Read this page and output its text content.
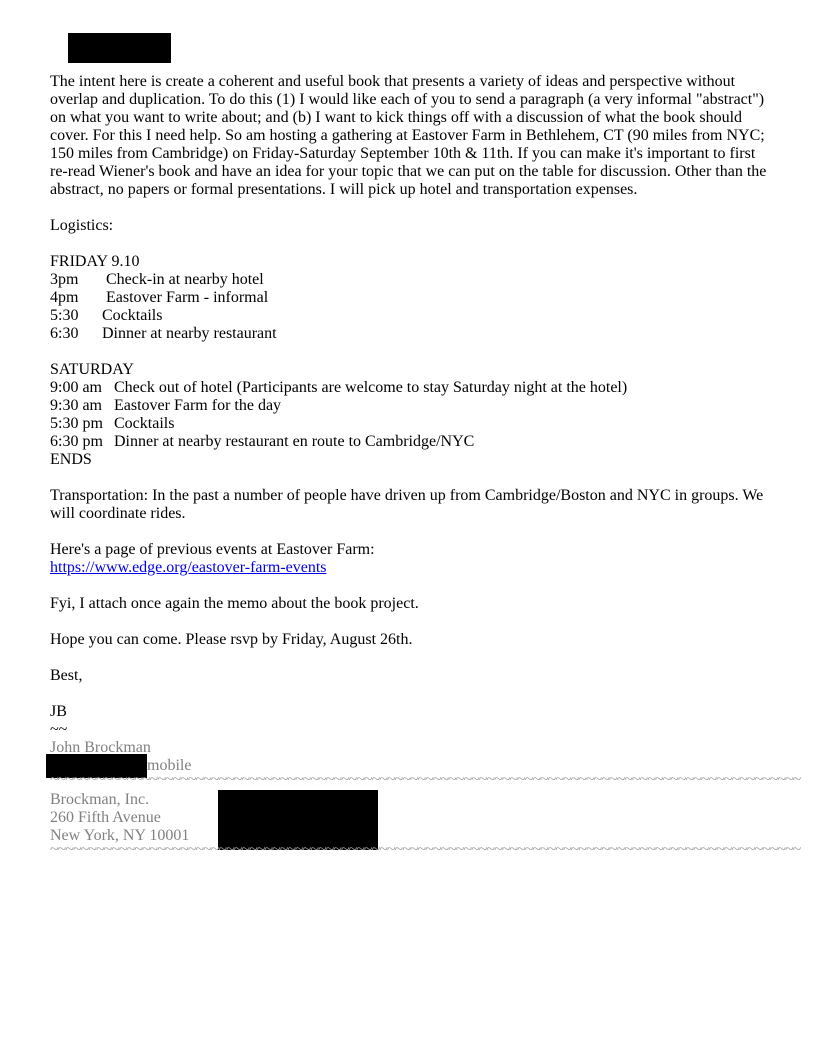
The intent here is create a coherent and useful book that presents a variety of ideas and perspective without overlap and duplication. To do this (1) I would like each of you to send a paragraph (a very informal "abstract") on what you want to write about; and (b) I want to kick things off with a discussion of what the book should cover. For this I need help. So am hosting a gathering at Eastover Farm in Bethlehem, CT (90 miles from NYC; 150 miles from Cambridge) on Friday-Saturday September 10th & 11th. If you can make it's important to first re-read Wiener's book and have an idea for your topic that we can put on the table for discussion. Other than the abstract, no papers or formal presentations. I will pick up hotel and transportation expenses.

Logistics:
FRIDAY 9.10
3pm Check-in at nearby hotel
4pm Eastover Farm - informal
5:30 Cocktails
6:30 Dinner at nearby restaurant
SATURDAY
9:00 am Check out of hotel (Participants are welcome to stay Saturday night at the hotel)
9:30 am Eastover Farm for the day
5:30 pm Cocktails
6:30 pm Dinner at nearby restaurant en route to Cambridge/NYC
ENDS

Transportation: In the past a number of people have driven up from Cambridge/Boston and NYC in groups. We will coordinate rides.

Here's a page of previous events at Eastover Farm:
https://www.edge.org/eastover-farm-events
Fyi, I attach once again the memo about the book project.
Hope you can come. Please rsvp by Friday, August 26th.
Best,
JB
~~
John Brockman
mobile
~~~~~~~~~~~~~~~~~~~~~~~~~~~~~~~~~~~~~~~~~~~~~~~~~~~~~~~~~~~~~~~~~~~~~~~~~~~~~~~~~~~~~~~~~~~~~~~~~~
Brockman, Inc.
260 Fifth Avenue
New York, NY 10001
~~~~~~~~~~~~~~~~~~~~~~~~~~~~~~~~~~~~~~~~~~~~~~~~~~~~~~~~~~~~~~~~~~~~~~~~~~~~~~~~~~~~~~~~~~~~~~~~~~
